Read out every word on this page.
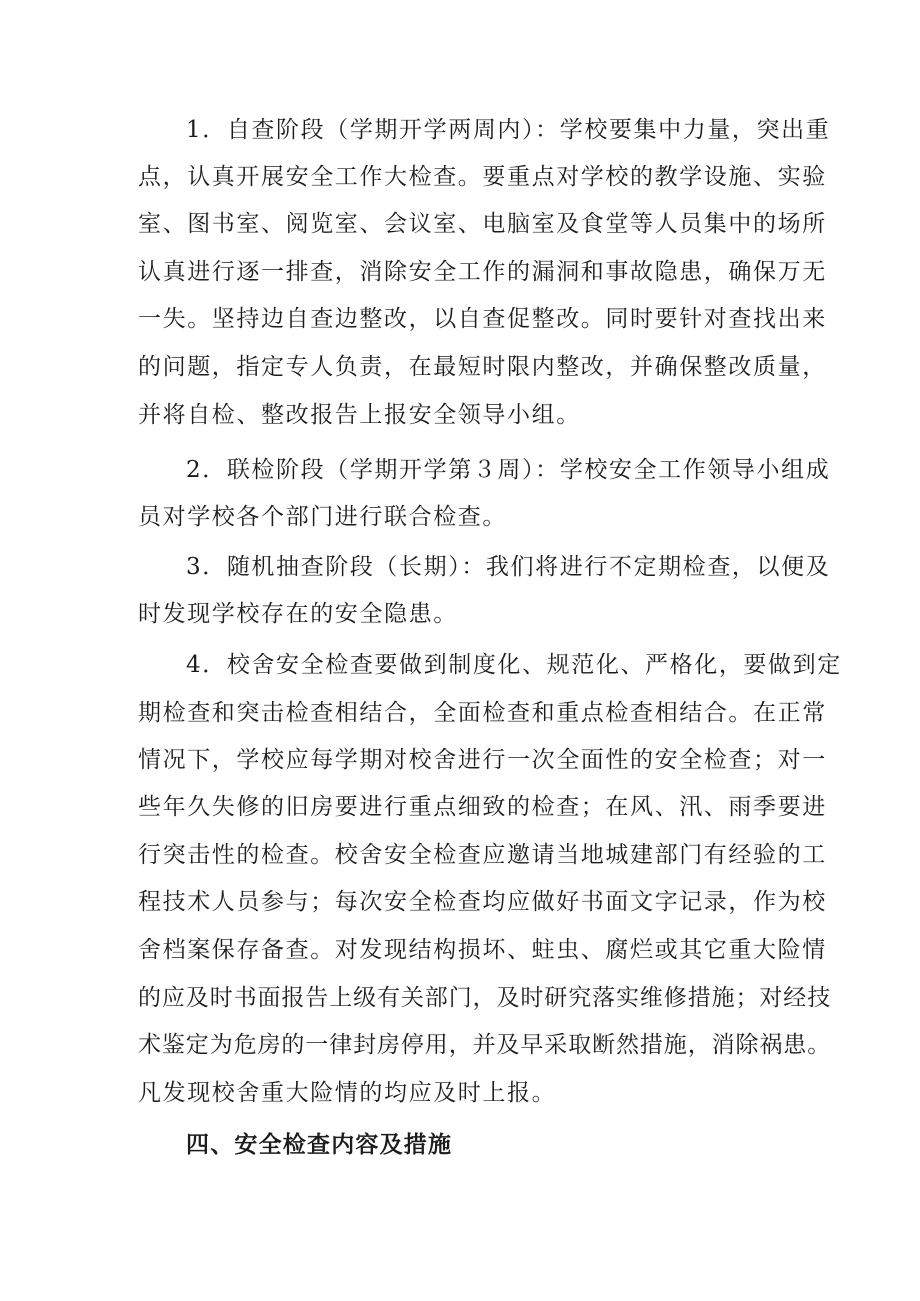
1．自查阶段（学期开学两周内）：学校要集中力量，突出重
点，认真开展安全工作大检查。要重点对学校的教学设施、实验
室、图书室、阅览室、会议室、电脑室及食堂等人员集中的场所
认真进行逐一排查，消除安全工作的漏洞和事故隐患，确保万无
一失。坚持边自查边整改，以自查促整改。同时要针对查找出来
的问题，指定专人负责，在最短时限内整改，并确保整改质量，
并将自检、整改报告上报安全领导小组。
2．联检阶段（学期开学第３周）：学校安全工作领导小组成
员对学校各个部门进行联合检查。
3．随机抽查阶段（长期）：我们将进行不定期检查，以便及
时发现学校存在的安全隐患。
4．校舍安全检查要做到制度化、规范化、严格化，要做到定
期检查和突击检查相结合，全面检查和重点检查相结合。在正常
情况下，学校应每学期对校舍进行一次全面性的安全检查；对一
些年久失修的旧房要进行重点细致的检查；在风、汛、雨季要进
行突击性的检查。校舍安全检查应邀请当地城建部门有经验的工
程技术人员参与；每次安全检查均应做好书面文字记录，作为校
舍档案保存备查。对发现结构损坏、蛀虫、腐烂或其它重大险情
的应及时书面报告上级有关部门，及时研究落实维修措施；对经技
术鉴定为危房的一律封房停用，并及早采取断然措施，消除祸患。
凡发现校舍重大险情的均应及时上报。
四、安全检查内容及措施
